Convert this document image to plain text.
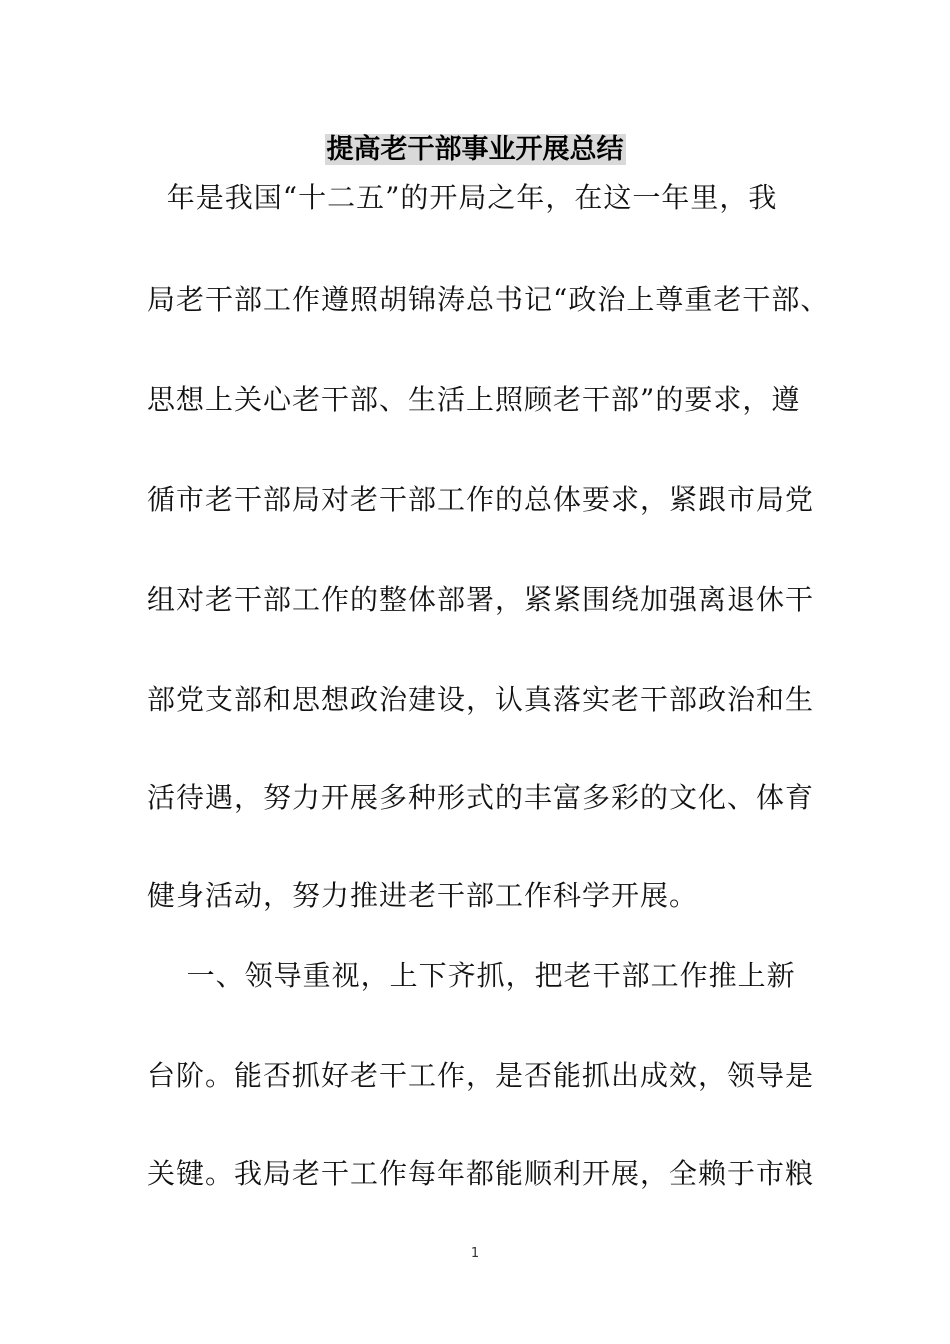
提高老干部事业开展总结
年是我国“十二五”的开局之年，在这一年里，我
局老干部工作遵照胡锦涛总书记“政治上尊重老干部、
思想上关心老干部、生活上照顾老干部”的要求，遵
循市老干部局对老干部工作的总体要求，紧跟市局党
组对老干部工作的整体部署，紧紧围绕加强离退休干
部党支部和思想政治建设，认真落实老干部政治和生
活待遇，努力开展多种形式的丰富多彩的文化、体育
健身活动，努力推进老干部工作科学开展。
一、领导重视，上下齐抓，把老干部工作推上新
台阶。能否抓好老干工作，是否能抓出成效，领导是
关键。我局老干工作每年都能顺利开展，全赖于市粮
1
